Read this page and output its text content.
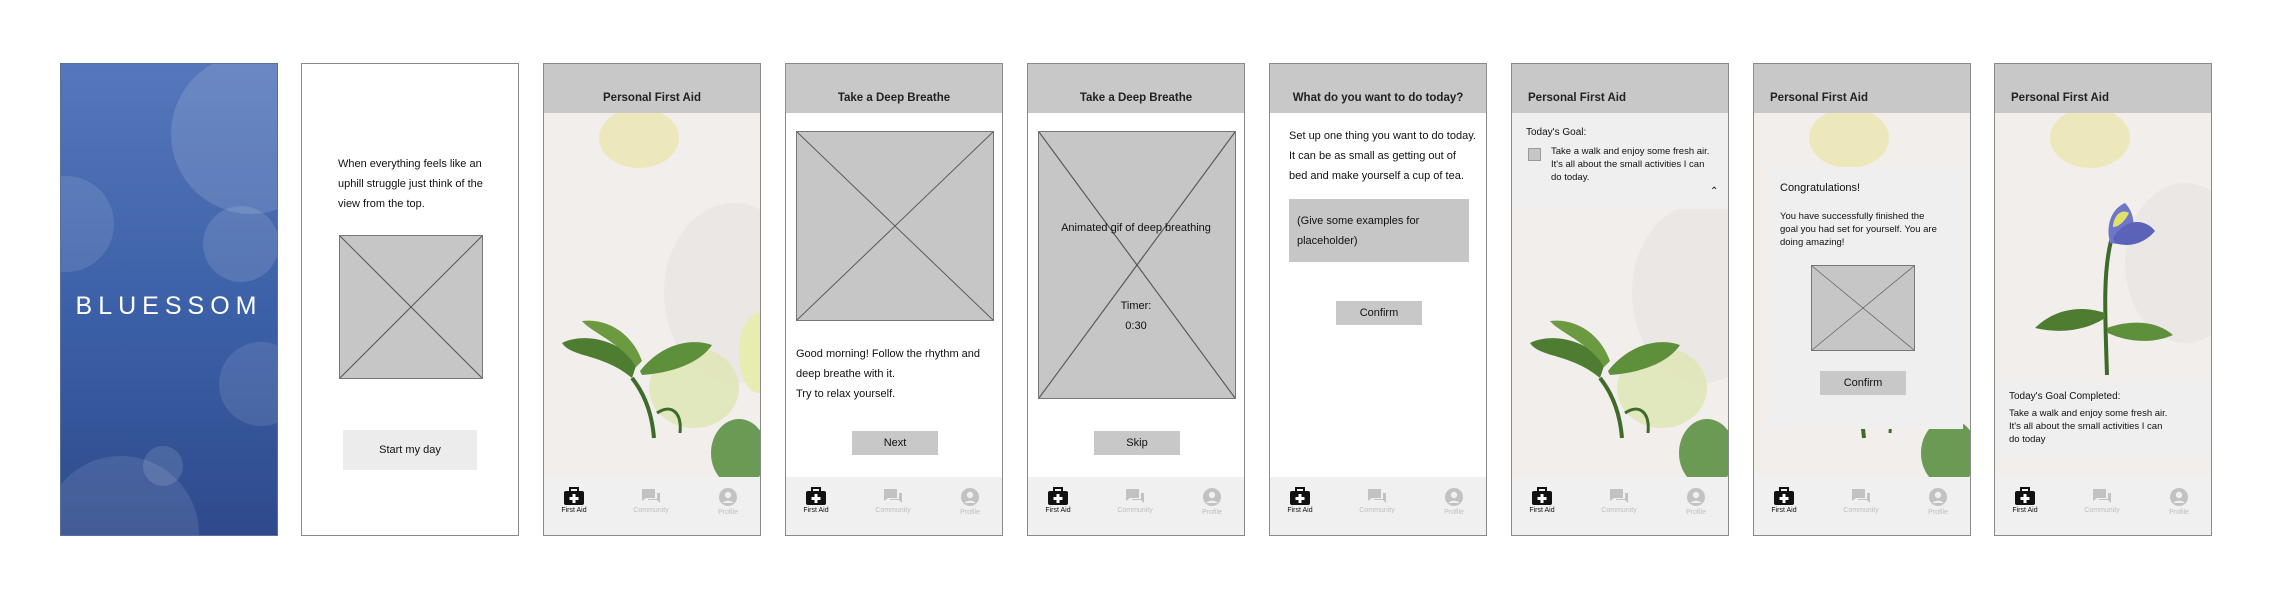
BLUESSOM
When everything feels like an
uphill struggle just think of the
view from the top.
Start my day
Personal First Aid
First Aid	Community	Profile
Take a Deep Breathe
Good morning! Follow the rhythm and
deep breathe with it.
Try to relax yourself.
Next
First Aid	Community	Profile
Take a Deep Breathe
Animated gif of deep breathing
Timer:
0:30
Skip
First Aid	Community	Profile
What do you want to do today?
Set up one thing you want to do today.
It can be as small as getting out of
bed and make yourself a cup of tea.
(Give some examples for
placeholder)
Confirm
First Aid	Community	Profile
Personal First Aid
Today's Goal:
Take a walk and enjoy some fresh air.
It's all about the small activities I can
do today.
⌃
First Aid	Community	Profile
Personal First Aid
Congratulations!
You have successfully finished the
goal you had set for yourself. You are
doing amazing!
Confirm
First Aid	Community	Profile
Personal First Aid
Today's Goal Completed:
Take a walk and enjoy some fresh air.
It's all about the small activities I can
do today
First Aid	Community	Profile
